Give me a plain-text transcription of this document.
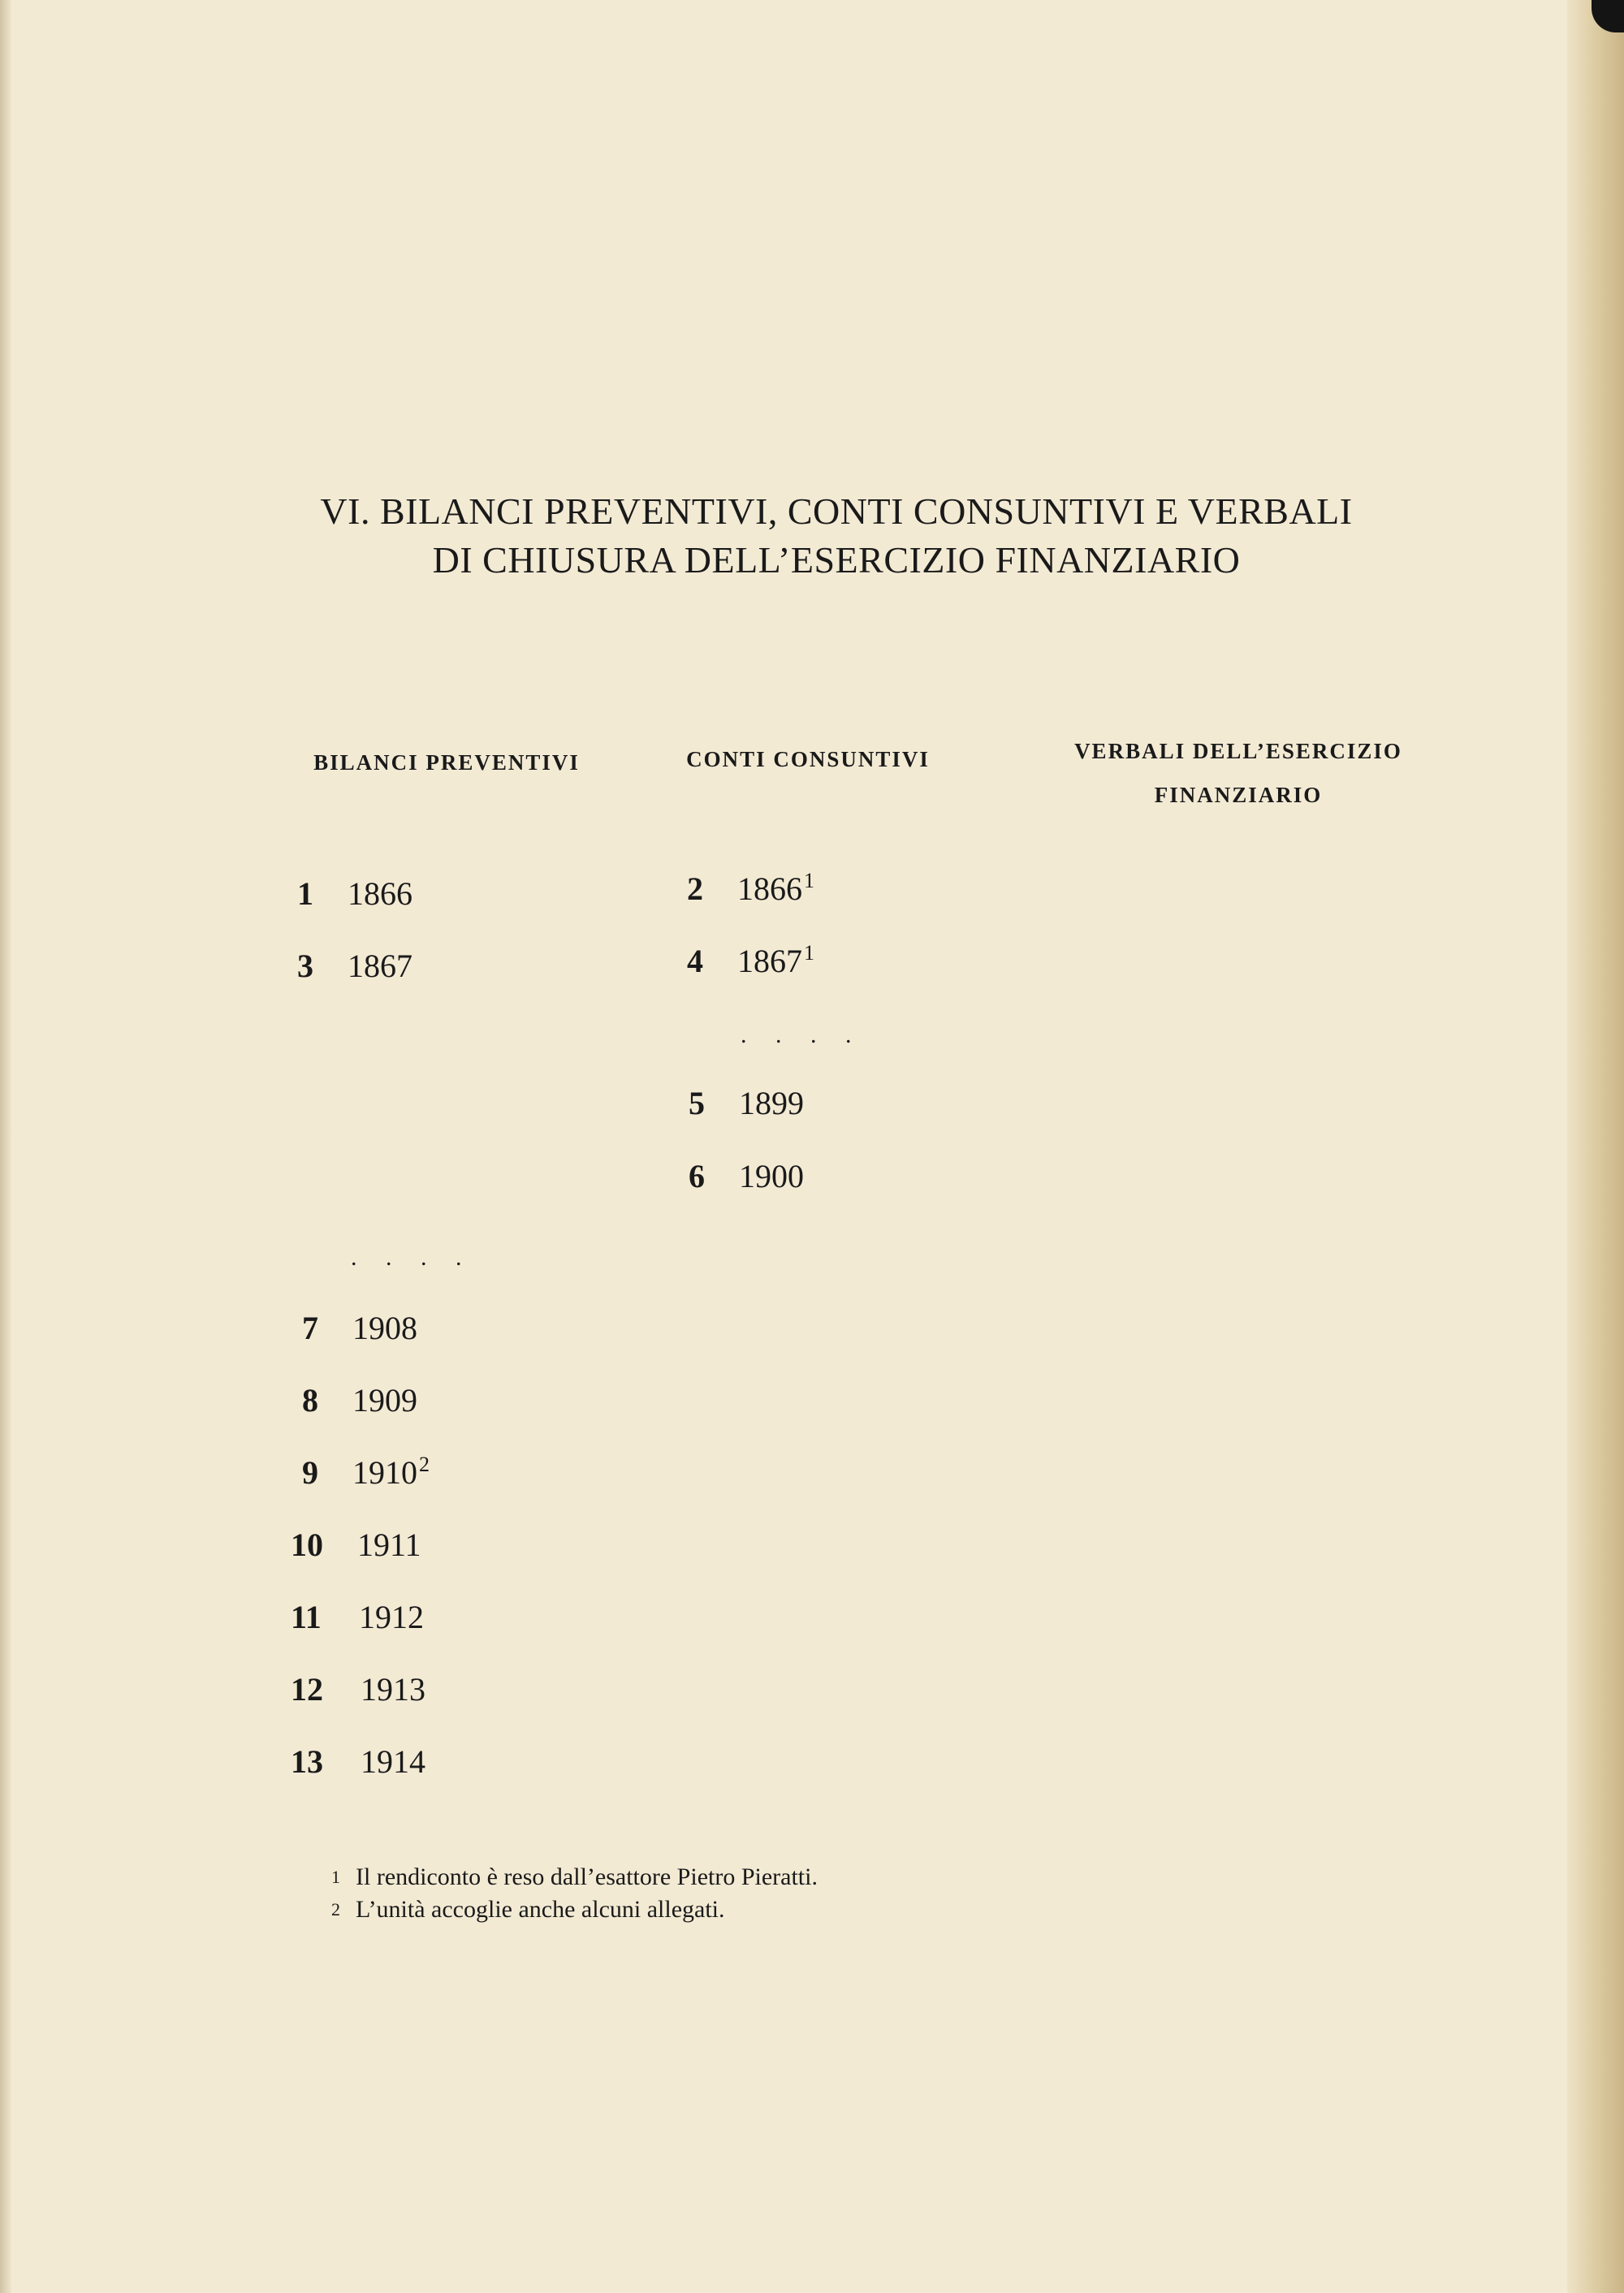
VI. BILANCI PREVENTIVI, CONTI CONSUNTIVI E VERBALI
DI CHIUSURA DELL’ESERCIZIO FINANZIARIO
BILANCI PREVENTIVI	CONTI CONSUNTIVI	VERBALI DELL’ESERCIZIO
FINANZIARIO
1 1866
3 1867
. . . .
7 1908
8 1909
9 1910$^2$
10 1911
11 1912
12 1913
13 1914
2 1866$^1$
4 1867$^1$
. . . .
5 1899
6 1900
1 Il rendiconto è reso dall’esattore Pietro Pieratti.
2 L’unità accoglie anche alcuni allegati.
